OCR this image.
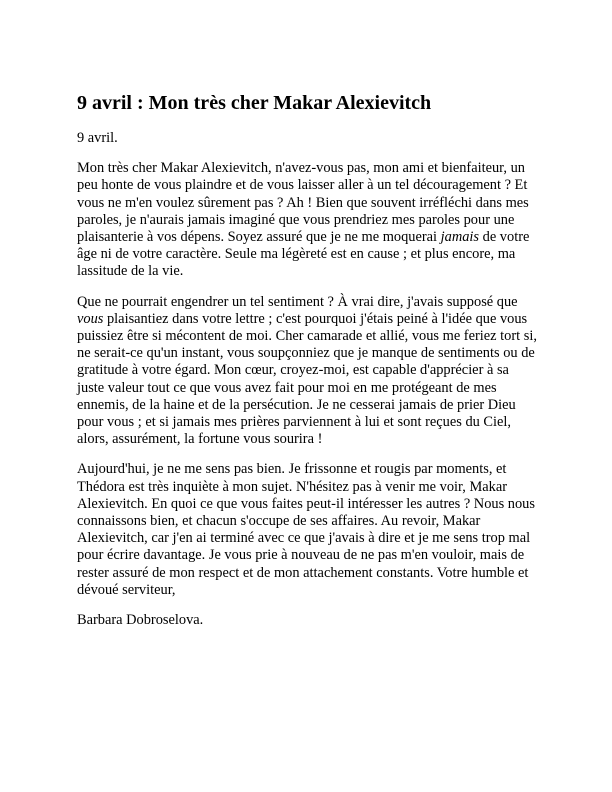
9 avril : Mon très cher Makar Alexievitch

9 avril.

Mon très cher Makar Alexievitch, n'avez-vous pas, mon ami et bienfaiteur, un peu honte de vous plaindre et de vous laisser aller à un tel découragement ? Et vous ne m'en voulez sûrement pas ? Ah ! Bien que souvent irréfléchi dans mes paroles, je n'aurais jamais imaginé que vous prendriez mes paroles pour une plaisanterie à vos dépens. Soyez assuré que je ne me moquerai jamais de votre âge ni de votre caractère. Seule ma légèreté est en cause ; et plus encore, ma lassitude de la vie.

Que ne pourrait engendrer un tel sentiment ? À vrai dire, j'avais supposé que vous plaisantiez dans votre lettre ; c'est pourquoi j'étais peiné à l'idée que vous puissiez être si mécontent de moi. Cher camarade et allié, vous me feriez tort si, ne serait-ce qu'un instant, vous soupçonniez que je manque de sentiments ou de gratitude à votre égard. Mon cœur, croyez-moi, est capable d'apprécier à sa juste valeur tout ce que vous avez fait pour moi en me protégeant de mes ennemis, de la haine et de la persécution. Je ne cesserai jamais de prier Dieu pour vous ; et si jamais mes prières parviennent à lui et sont reçues du Ciel, alors, assurément, la fortune vous sourira !

Aujourd'hui, je ne me sens pas bien. Je frissonne et rougis par moments, et Thédora est très inquiète à mon sujet. N'hésitez pas à venir me voir, Makar Alexievitch. En quoi ce que vous faites peut-il intéresser les autres ? Nous nous connaissons bien, et chacun s'occupe de ses affaires. Au revoir, Makar Alexievitch, car j'en ai terminé avec ce que j'avais à dire et je me sens trop mal pour écrire davantage. Je vous prie à nouveau de ne pas m'en vouloir, mais de rester assuré de mon respect et de mon attachement constants. Votre humble et dévoué serviteur,

Barbara Dobroselova.
